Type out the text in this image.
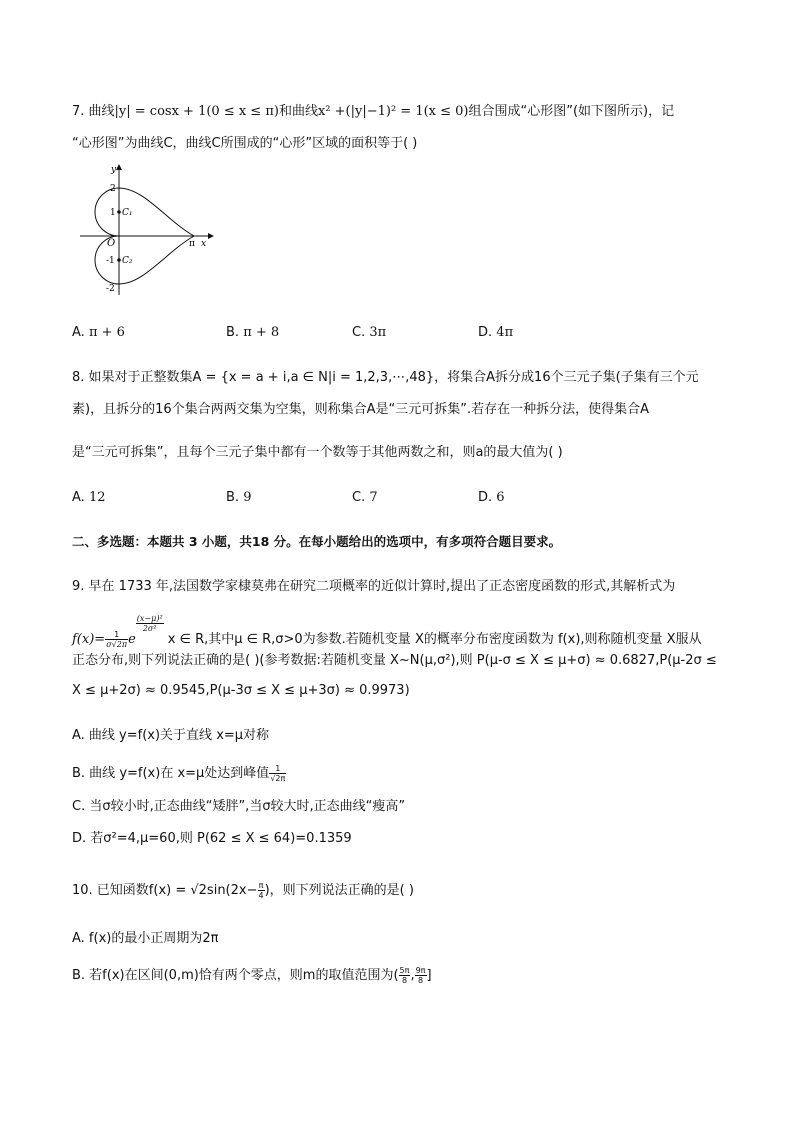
7. 曲线|y| = cosx + 1(0 ≤ x ≤ π)和曲线x² +(|y|−1)² = 1(x ≤ 0)组合围成“心形图”(如下图所示)，记
“心形图”为曲线C，曲线C所围成的“心形”区域的面积等于( )
y
2
1 C₁
O	π x
-1 C₂
-2
A. π + 6	B. π + 8	C. 3π	D. 4π
8. 如果对于正整数集A = {x = a + i,a ∈ N|i = 1,2,3,⋯,48}，将集合A拆分成16个三元子集(子集有三个元
素)，且拆分的16个集合两两交集为空集，则称集合A是“三元可拆集”.若存在一种拆分法，使得集合A
是“三元可拆集”，且每个三元子集中都有一个数等于其他两数之和，则a的最大值为( )
A. 12	B. 9	C. 7	D. 6
二、多选题：本题共 3 小题，共18 分。在每小题给出的选项中，有多项符合题目要求。
9. 早在 1733 年,法国数学家棣莫弗在研究二项概率的近似计算时,提出了正态密度函数的形式,其解析式为
$f(x)= \frac{1}{\sigma√2\pi}$ e
$\frac{\text{(x−μ)²}}{\text{2σ²}}$
x ∈ R,其中μ ∈ R,σ>0为参数.若随机变量 X的概率分布密度函数为 f(x),则称随机变量 X服从
正态分布,则下列说法正确的是( )(参考数据:若随机变量 X~N(μ,σ²),则 P(μ-σ ≤ X ≤ μ+σ) ≈ 0.6827,P(μ-2σ ≤
X ≤ μ+2σ) ≈ 0.9545,P(μ-3σ ≤ X ≤ μ+3σ) ≈ 0.9973)
A. 曲线 y=f(x)关于直线 x=μ对称
B. 曲线 y=f(x)在 x=μ处达到峰值 $\frac{1}{√2\pi}$
C. 当σ较小时,正态曲线“矮胖”,当σ较大时,正态曲线“瘦高”
D. 若σ²=4,μ=60,则 P(62 ≤ X ≤ 64)=0.1359
10. 已知函数$f(x) = √2\sin(2x- \frac{\pi}{4}$ )，则下列说法正确的是( )
A. f(x)的最小正周期为2π
B. 若f(x)在区间(0,m)恰有两个零点，则m的取值范围为( $\frac{5\pi}{8}$ , $\frac{9\pi}{8}$ ]
